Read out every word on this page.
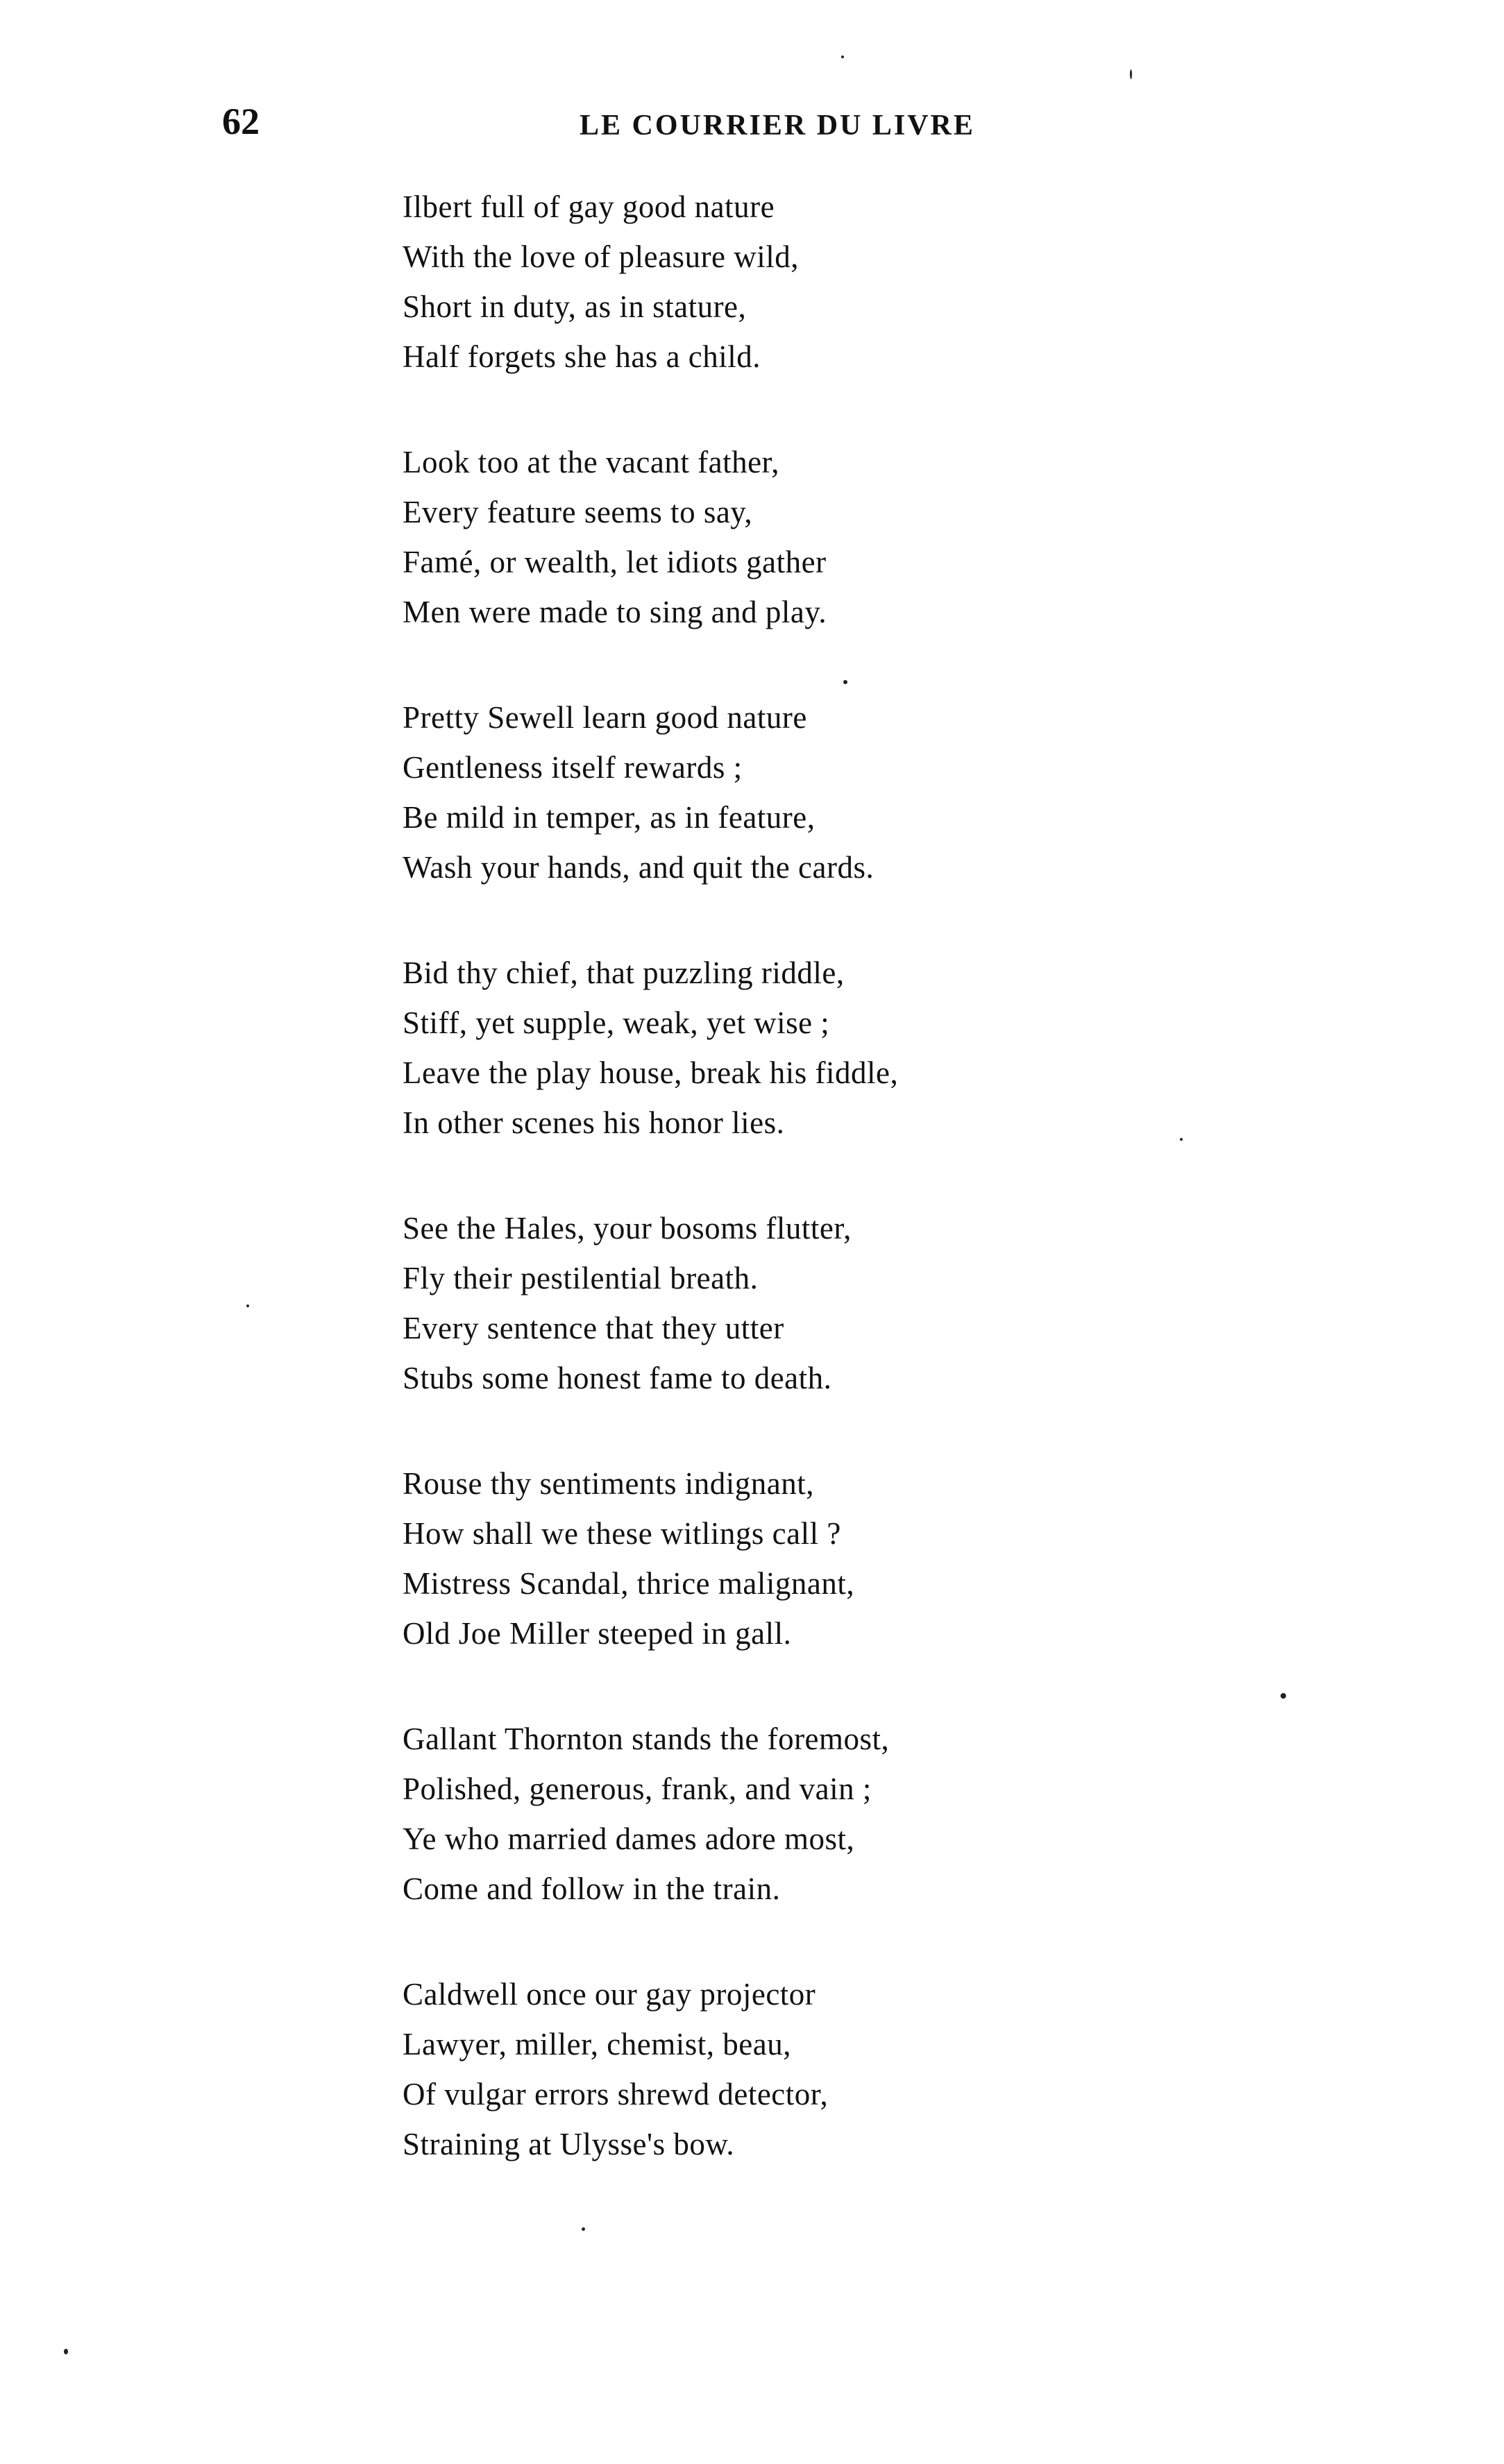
62	LE COURRIER DU LIVRE
Ilbert full of gay good nature
With the love of pleasure wild,
Short in duty, as in stature,
Half forgets she has a child.
Look too at the vacant father,
Every feature seems to say,
Famé, or wealth, let idiots gather
Men were made to sing and play.
Pretty Sewell learn good nature
Gentleness itself rewards ;
Be mild in temper, as in feature,
Wash your hands, and quit the cards.
Bid thy chief, that puzzling riddle,
Stiff, yet supple, weak, yet wise ;
Leave the play house, break his fiddle,
In other scenes his honor lies.
See the Hales, your bosoms flutter,
Fly their pestilential breath.
Every sentence that they utter
Stubs some honest fame to death.
Rouse thy sentiments indignant,
How shall we these witlings call ?
Mistress Scandal, thrice malignant,
Old Joe Miller steeped in gall.
Gallant Thornton stands the foremost,
Polished, generous, frank, and vain ;
Ye who married dames adore most,
Come and follow in the train.
Caldwell once our gay projector
Lawyer, miller, chemist, beau,
Of vulgar errors shrewd detector,
Straining at Ulysse's bow.
